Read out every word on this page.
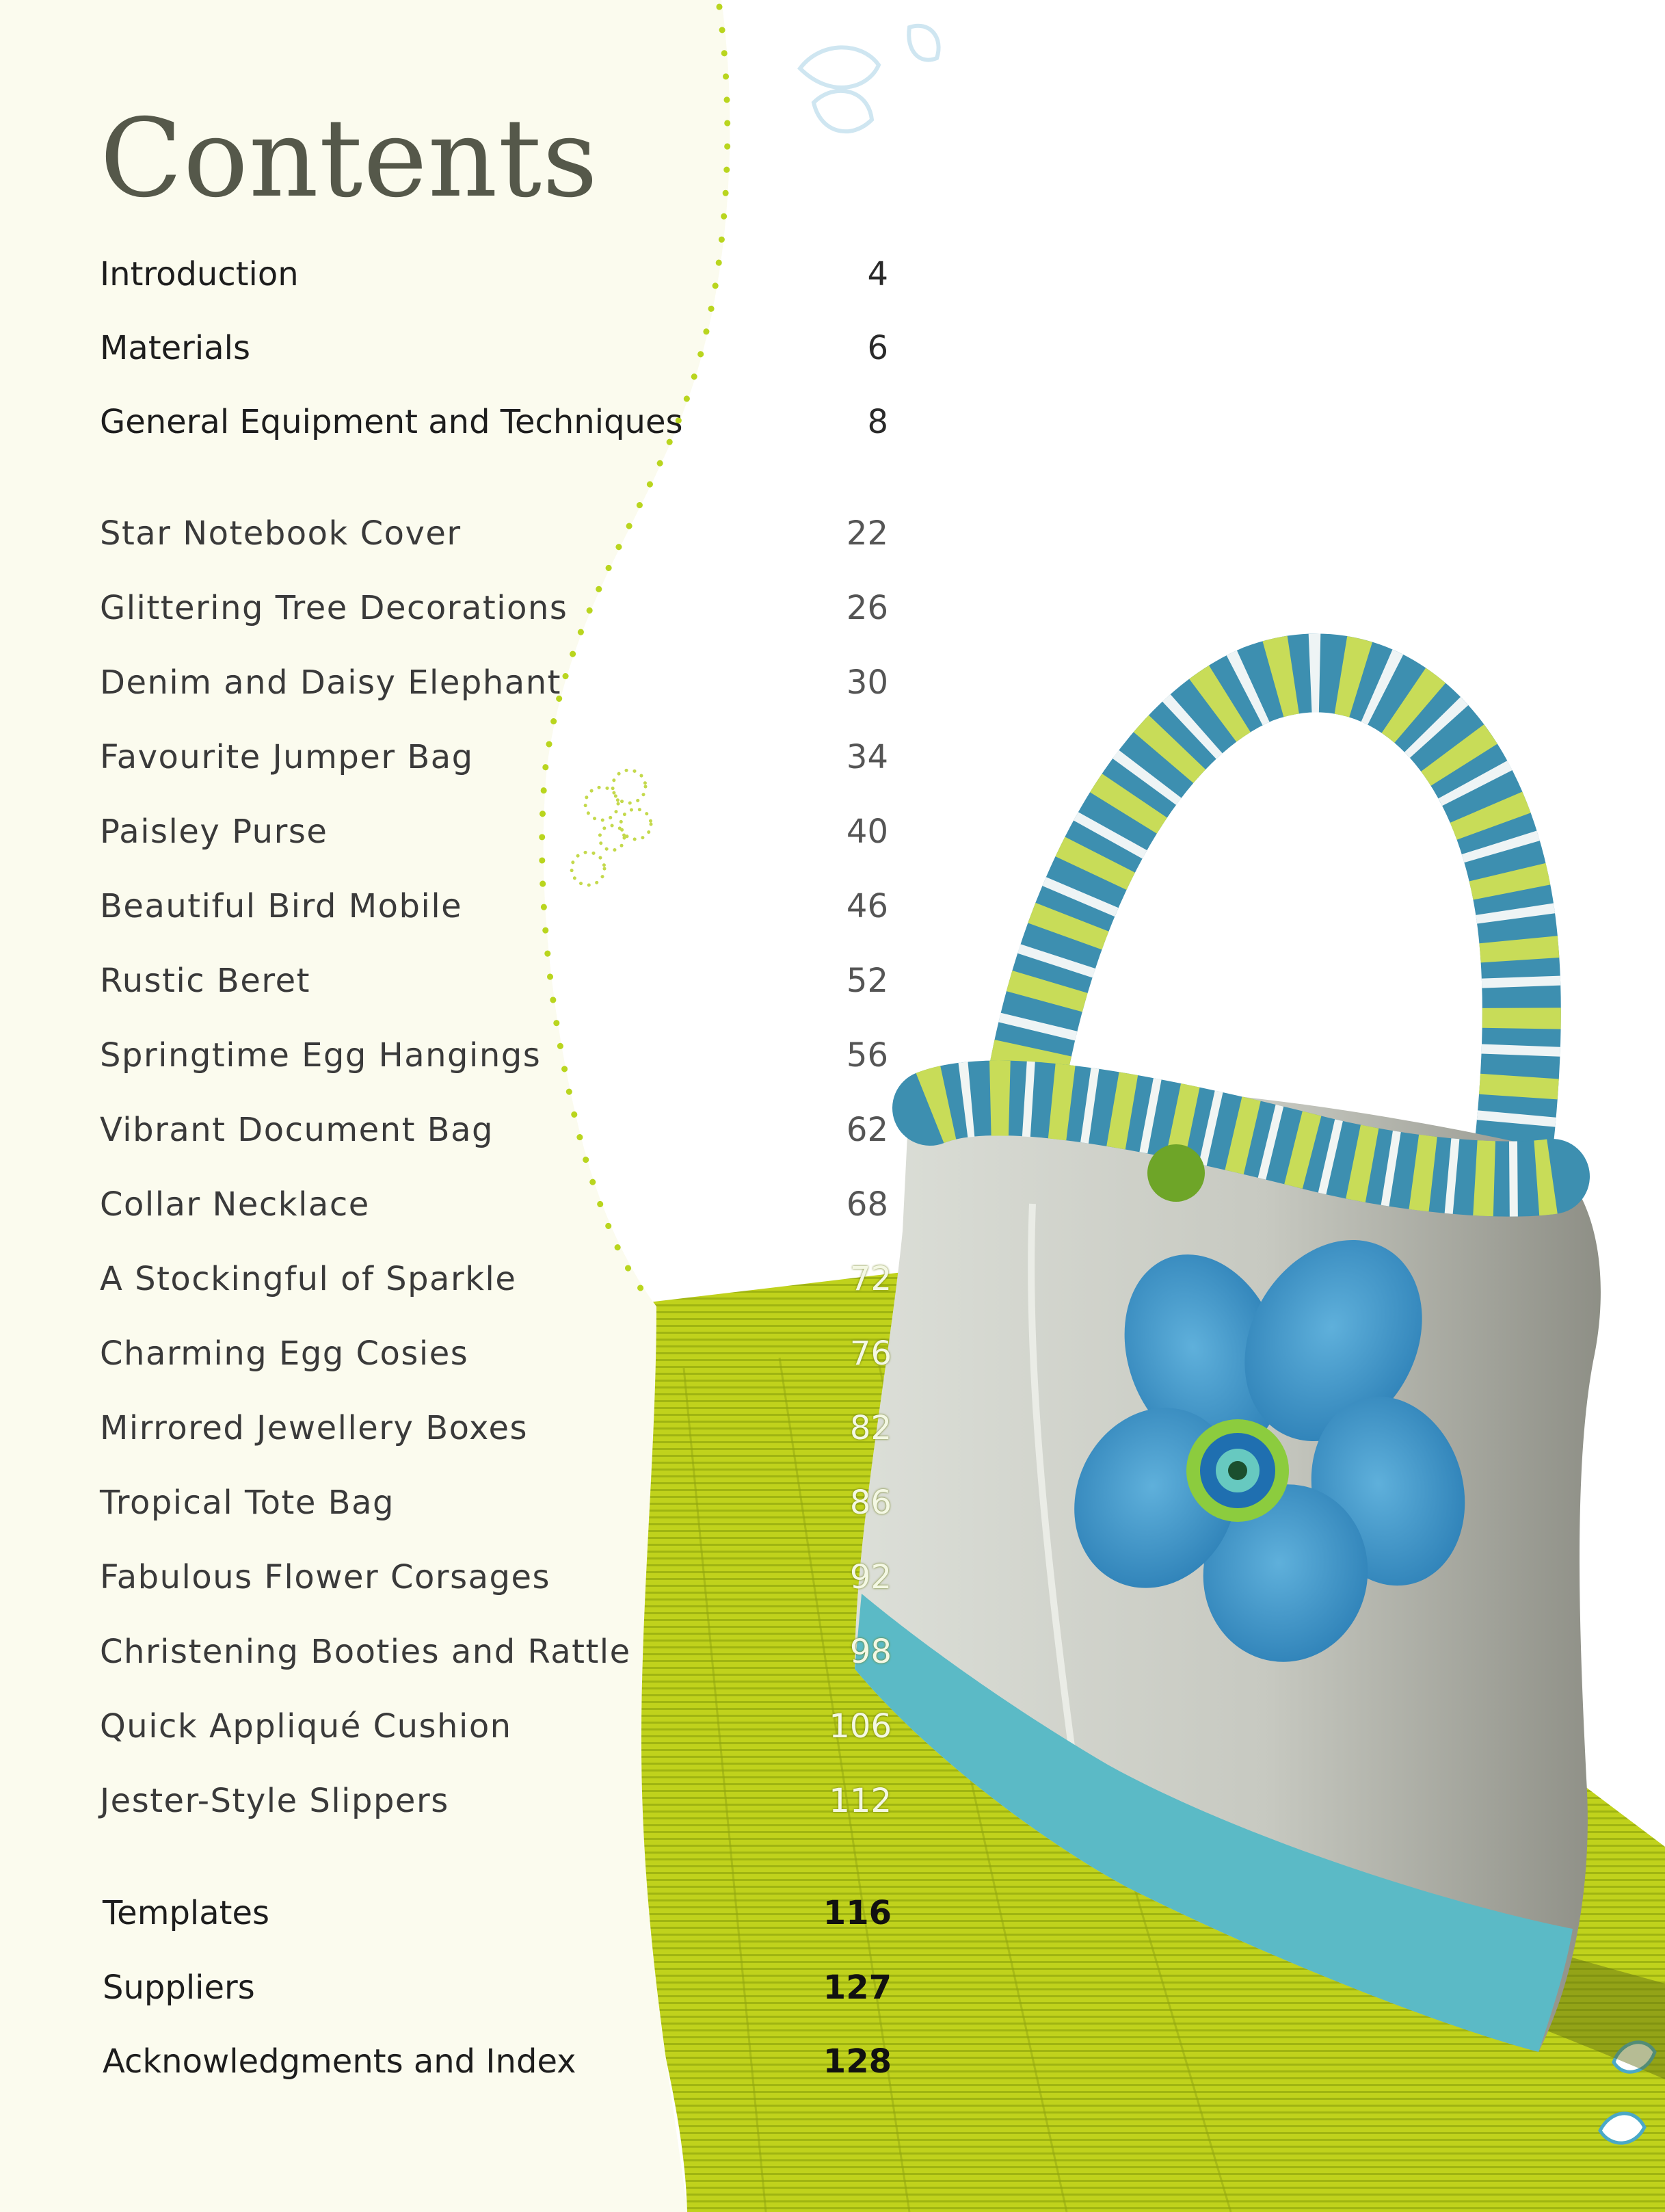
Contents
Introduction	4
Materials	6
General Equipment and Techniques	8
Star Notebook Cover	22
Glittering Tree Decorations	26
Denim and Daisy Elephant	30
Favourite Jumper Bag	34
Paisley Purse	40
Beautiful Bird Mobile	46
Rustic Beret	52
Springtime Egg Hangings	56
Vibrant Document Bag	62
Collar Necklace	68
A Stockingful of Sparkle	72
Charming Egg Cosies	76
Mirrored Jewellery Boxes	82
Tropical Tote Bag	86
Fabulous Flower Corsages	92
Christening Booties and Rattle	98
Quick Appliqué Cushion	106
Jester-Style Slippers	112
Templates	116
Suppliers	127
Acknowledgments and Index	128
